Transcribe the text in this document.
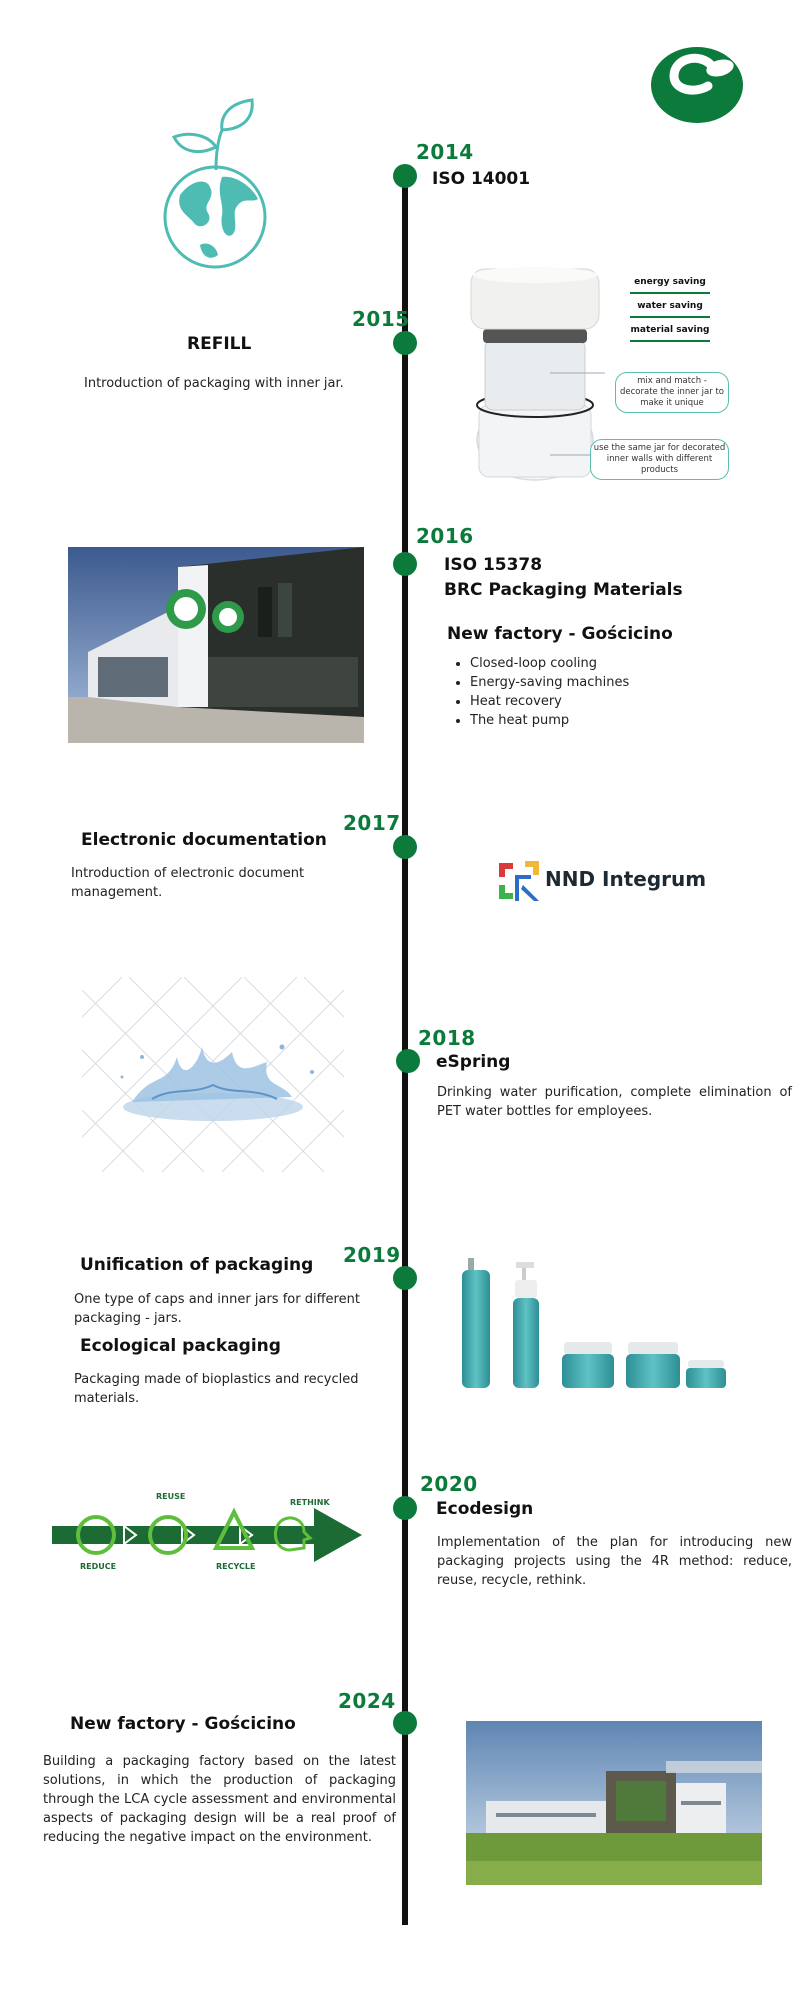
2014
ISO 14001
2015
REFILL
Introduction of packaging with inner jar.
energy saving
water saving
material saving
mix and match - decorate the inner jar to make it unique
use the same jar for decorated inner walls with different products
2016
ISO 15378
BRC Packaging Materials
New factory - Gościcino
• Closed-loop cooling
• Energy-saving machines
• Heat recovery
• The heat pump
2017
Electronic documentation
Introduction of electronic document management.
NND Integrum
2018
eSpring
Drinking water purification, complete elimination of PET water bottles for employees.
2019
Unification of packaging
One type of caps and inner jars for different packaging - jars.
Ecological packaging
Packaging made of bioplastics and recycled materials.
2020
Ecodesign
Implementation of the plan for introducing new packaging projects using the 4R method: reduce, reuse, recycle, rethink.
REDUCE
REUSE
RECYCLE
RETHINK
2024
New factory - Gościcino
Building a packaging factory based on the latest solutions, in which the production of packaging through the LCA cycle assessment and environmental aspects of packaging design will be a real proof of reducing the negative impact on the environment.
